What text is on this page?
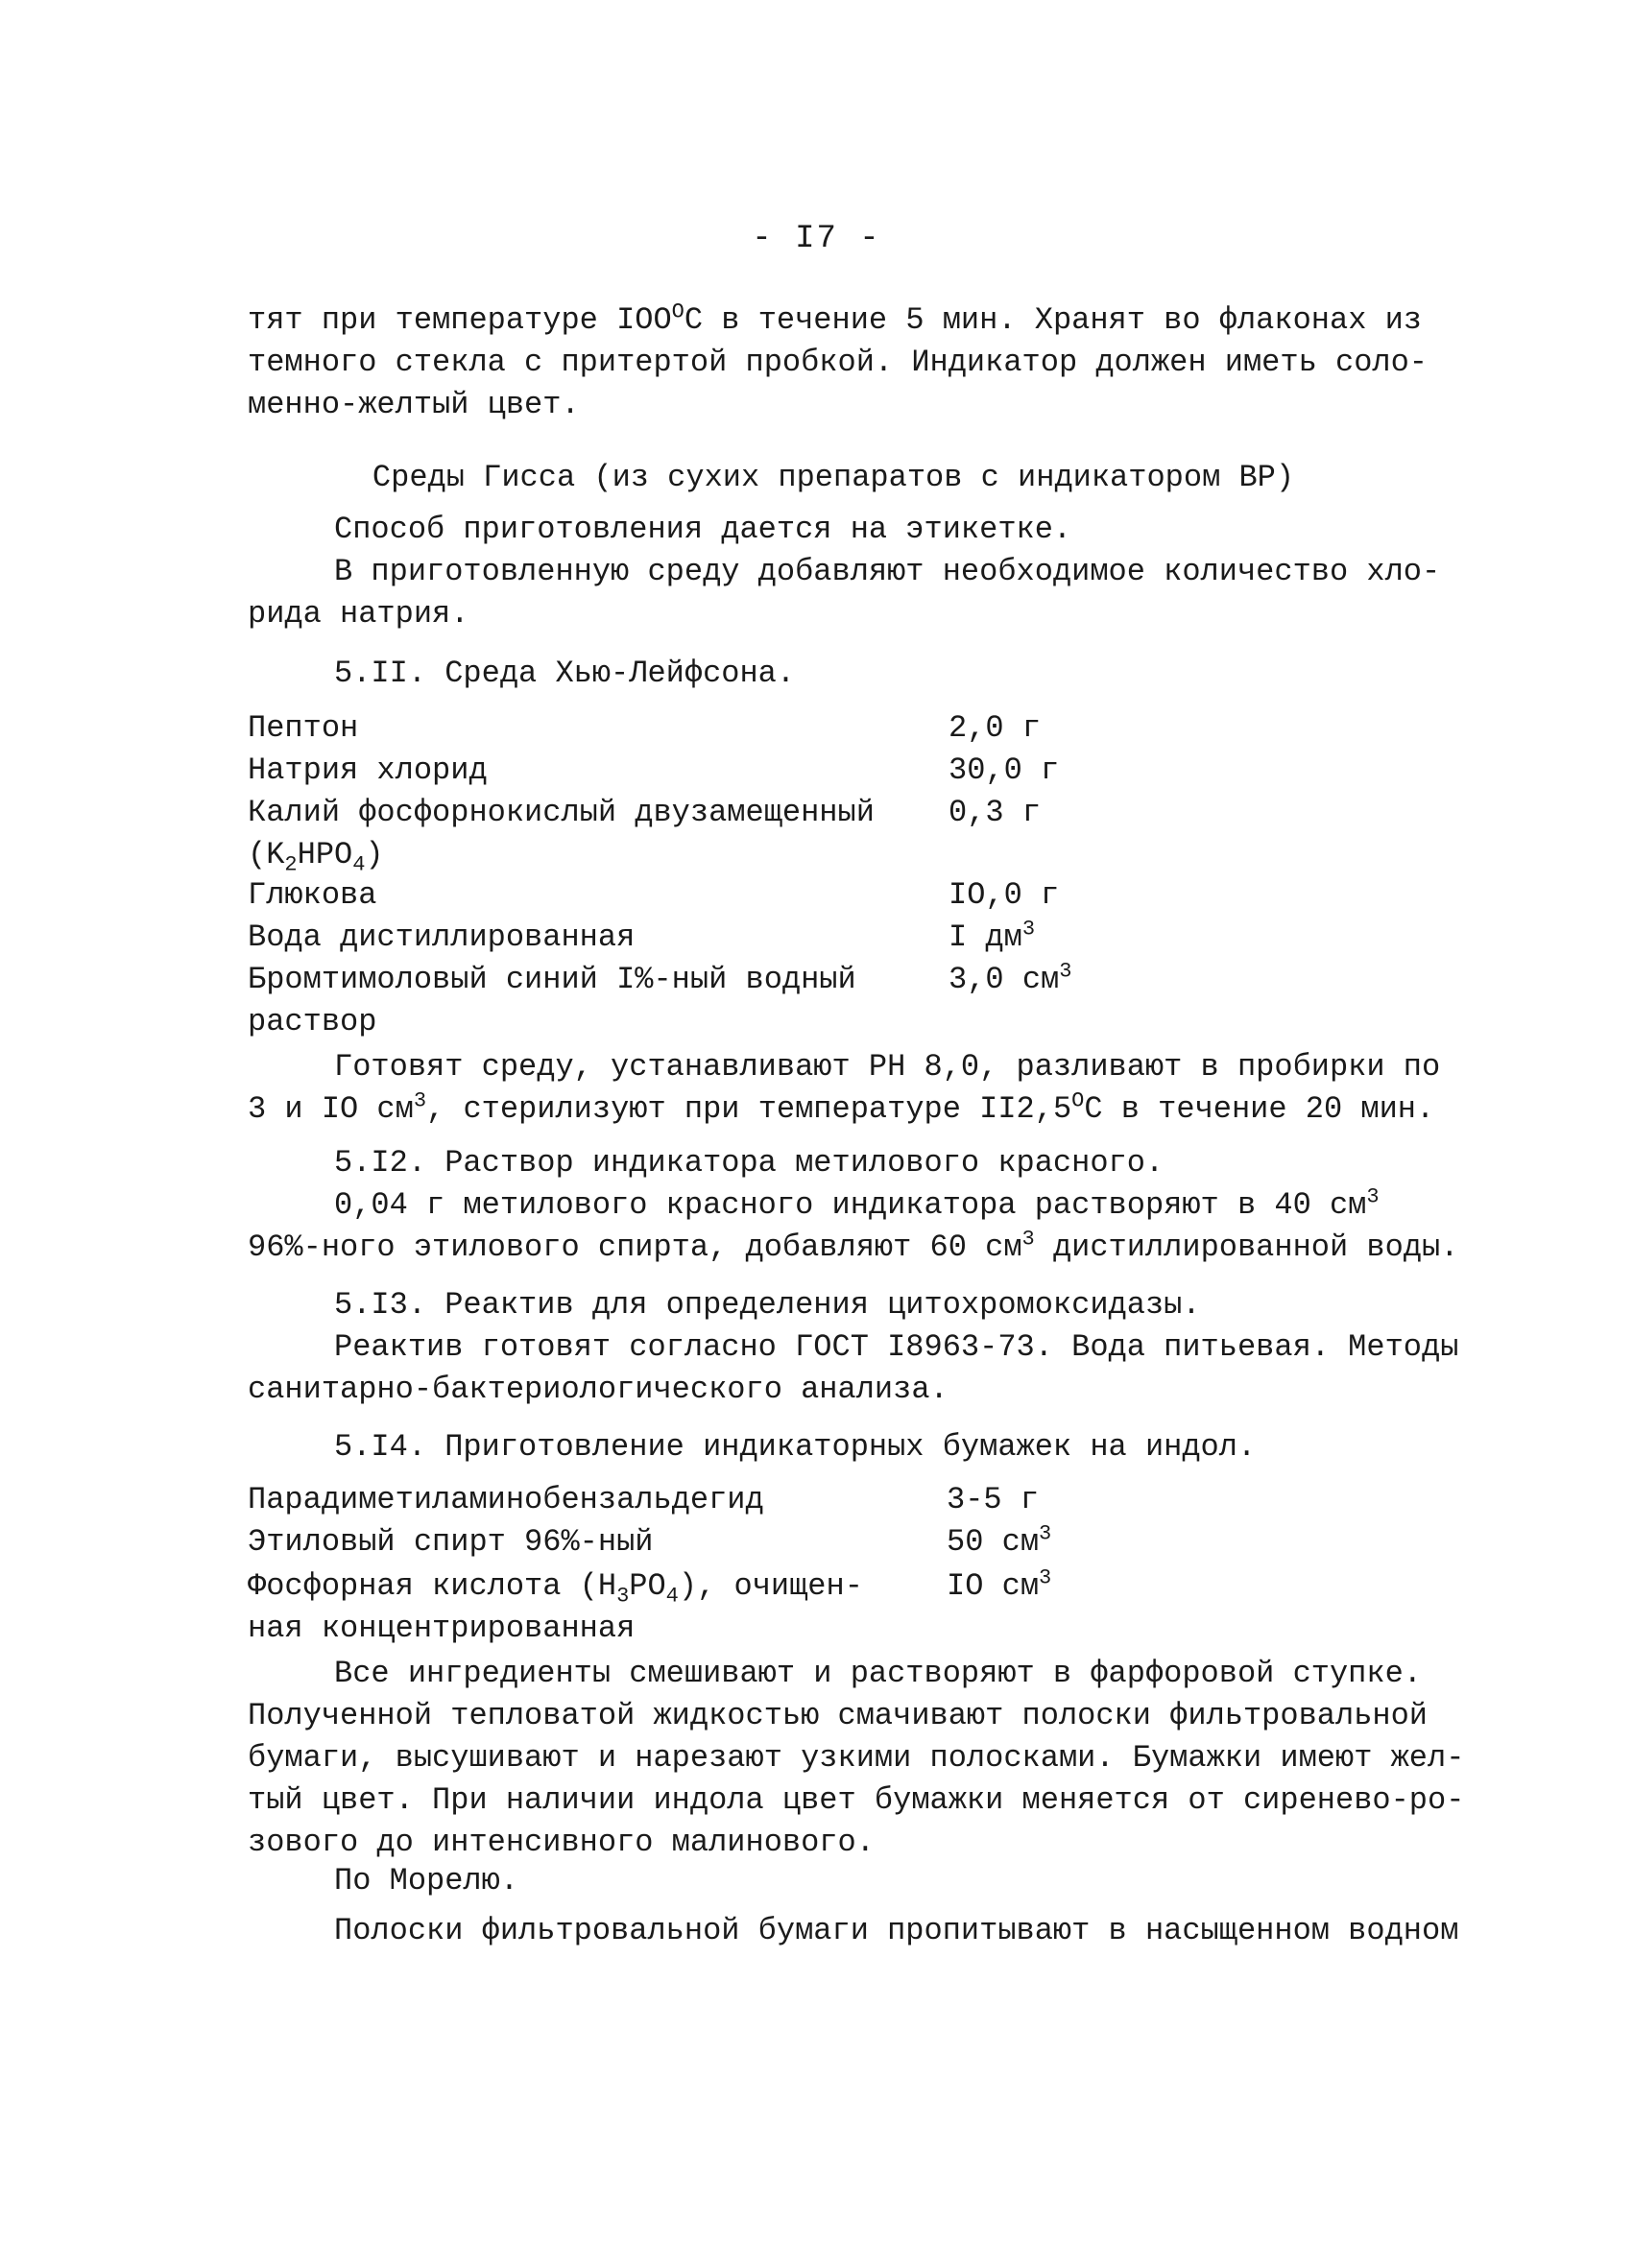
- I7 -
тят при температуре $IOO^OС$ в течение 5 мин. Хранят во флаконах из
темного стекла с притертой пробкой. Индикатор должен иметь соло-
менно-желтый цвет.
Среды Гисса (из сухих препаратов с индикатором ВР)
Способ приготовления дается на этикетке.
В приготовленную среду добавляют необходимое количество хло-
рида натрия.
5.II. Среда Хью-Лейфсона.
Пептон	2,0 г
Натрия хлорид	30,0 г
Калий фосфорнокислый двузамещенный 0,3 г
$(K_2HPO_4)$
Глюкова	IO,0 г
Вода дистиллированная	I $дм^3$
Бромтимоловый синий I%-ный водный	3,0 $см^3$
раствор
Готовят среду, устанавливают РН 8,0, разливают в пробирки по
3 и IO $см^3$, стерилизуют при температуре $II2,5^OС$ в течение 20 мин.
5.I2. Раствор индикатора метилового красного.
0,04 г метилового красного индикатора растворяют в 40 $см^3$
96%-ного этилового спирта, добавляют 60 $см^3$ дистиллированной воды.
5.I3. Реактив для определения цитохромоксидазы.
Реактив готовят согласно ГОСТ I8963-73. Вода питьевая. Методы
санитарно-бактериологического анализа.
5.I4. Приготовление индикаторных бумажек на индол.
Парадиметиламинобензальдегид	3-5 г
Этиловый спирт 96%-ный	50 $см^3$
Фосфорная кислота $(H_3PO_4)$, очищен-	IO $см^3$
ная концентрированная
Все ингредиенты смешивают и растворяют в фарфоровой ступке.
Полученной тепловатой жидкостью смачивают полоски фильтровальной
бумаги, высушивают и нарезают узкими полосками. Бумажки имеют жел-
тый цвет. При наличии индола цвет бумажки меняется от сиренево-ро-
зового до интенсивного малинового.
По Морелю.
Полоски фильтровальной бумаги пропитывают в насыщенном водном
